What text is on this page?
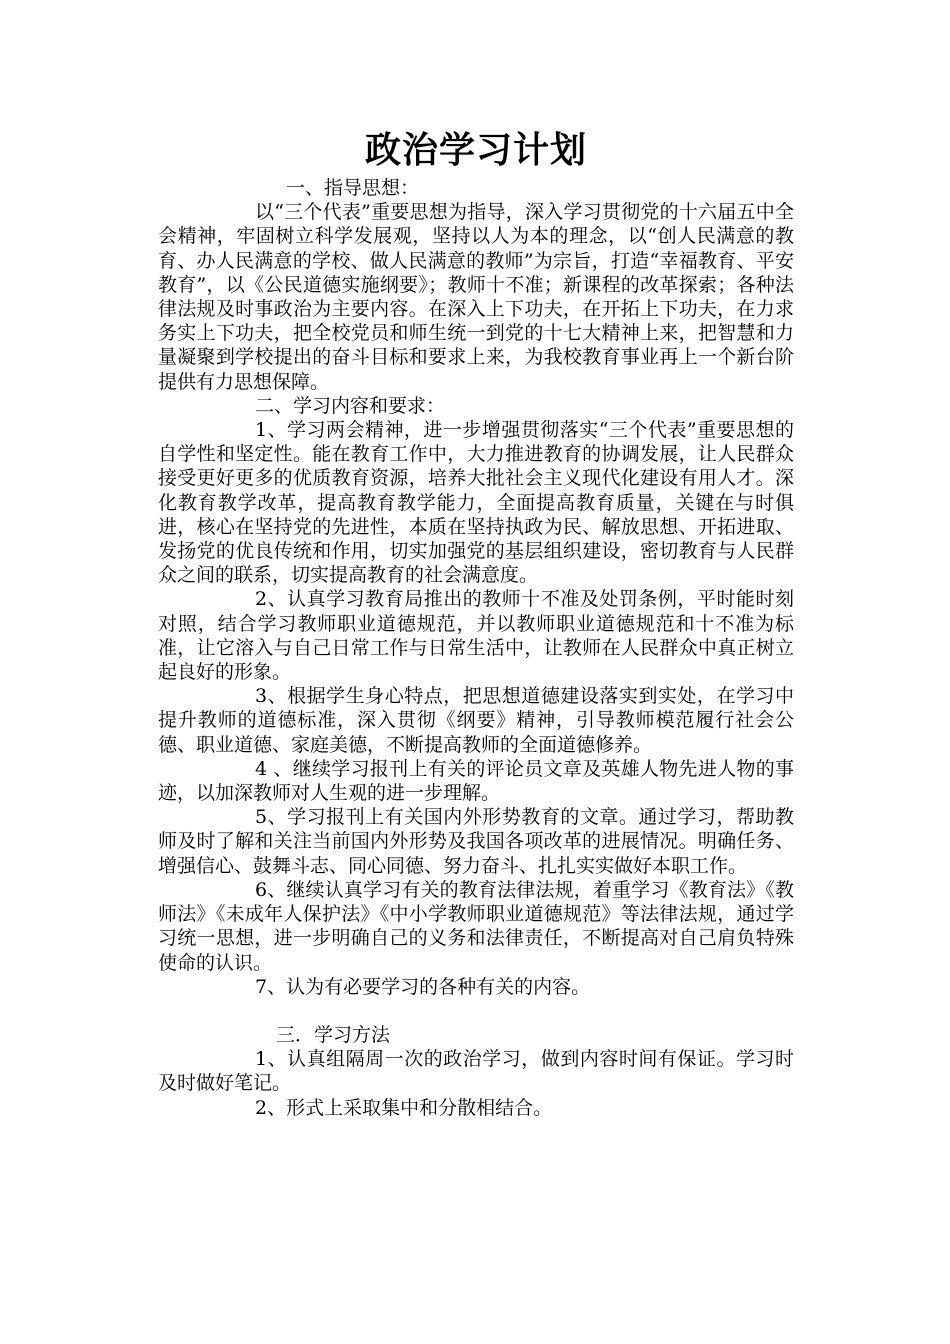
政治学习计划

一、指导思想：

以“三个代表”重要思想为指导，深入学习贯彻党的十六届五中全会精神，牢固树立科学发展观，坚持以人为本的理念，以“创人民满意的教育、办人民满意的学校、做人民满意的教师”为宗旨，打造“幸福教育、平安教育”，以《公民道德实施纲要》；教师十不准；新课程的改革探索；各种法律法规及时事政治为主要内容。在深入上下功夫，在开拓上下功夫，在力求务实上下功夫，把全校党员和师生统一到党的十七大精神上来，把智慧和力量凝聚到学校提出的奋斗目标和要求上来，为我校教育事业再上一个新台阶提供有力思想保障。

二、学习内容和要求：

1、学习两会精神，进一步增强贯彻落实“三个代表”重要思想的自学性和坚定性。能在教育工作中，大力推进教育的协调发展，让人民群众接受更好更多的优质教育资源，培养大批社会主义现代化建设有用人才。深化教育教学改革，提高教育教学能力，全面提高教育质量，关键在与时俱进，核心在坚持党的先进性，本质在坚持执政为民、解放思想、开拓进取、发扬党的优良传统和作用，切实加强党的基层组织建设，密切教育与人民群众之间的联系，切实提高教育的社会满意度。

2、认真学习教育局推出的教师十不准及处罚条例，平时能时刻对照，结合学习教师职业道德规范，并以教师职业道德规范和十不准为标准，让它溶入与自己日常工作与日常生活中，让教师在人民群众中真正树立起良好的形象。

3、根据学生身心特点，把思想道德建设落实到实处，在学习中提升教师的道德标准，深入贯彻《纲要》精神，引导教师模范履行社会公德、职业道德、家庭美德，不断提高教师的全面道德修养。

4 、继续学习报刊上有关的评论员文章及英雄人物先进人物的事迹，以加深教师对人生观的进一步理解。

5、学习报刊上有关国内外形势教育的文章。通过学习，帮助教师及时了解和关注当前国内外形势及我国各项改革的进展情况。明确任务、增强信心、鼓舞斗志、同心同德、努力奋斗、扎扎实实做好本职工作。

6、继续认真学习有关的教育法律法规，着重学习《教育法》《教师法》《未成年人保护法》《中小学教师职业道德规范》等法律法规，通过学习统一思想，进一步明确自己的义务和法律责任，不断提高对自己肩负特殊使命的认识。

7、认为有必要学习的各种有关的内容。

三．学习方法

1、认真组隔周一次的政治学习，做到内容时间有保证。学习时及时做好笔记。

2、形式上采取集中和分散相结合。
